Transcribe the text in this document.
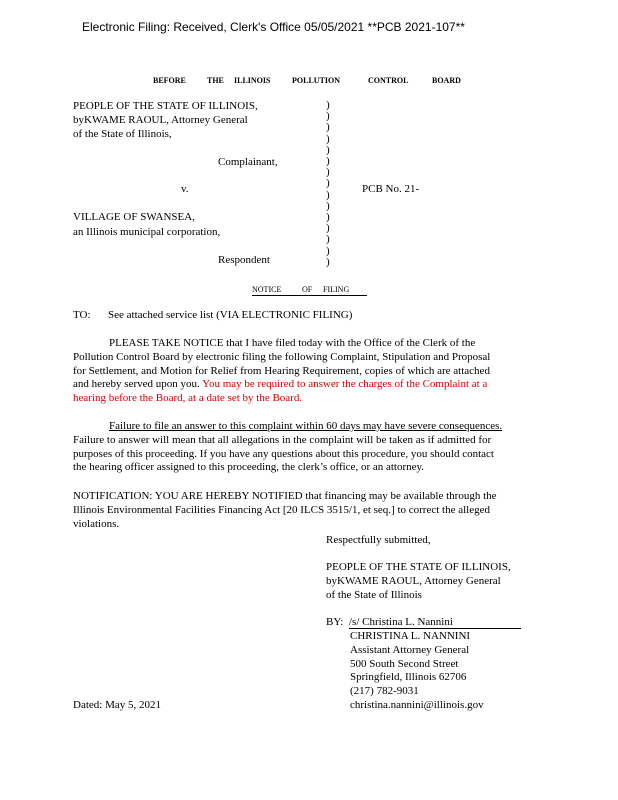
Electronic Filing: Received, Clerk's Office 05/05/2021 **PCB 2021-107**
BEFORE	THE ILLINOIS	POLLUTION	CONTROL	BOARD
PEOPLE OF THE STATE OF ILLINOIS,
byKWAME RAOUL, Attorney General
of the State of Illinois,
Complainant,
v.	PCB No. 21-
VILLAGE OF SWANSEA,
an Illinois municipal corporation,
Respondent
)
)
)
)
)
)
)
)
)
)
)
)
)
)
)
NOTICE	OF FILING
TO: See attached service list (VIA ELECTRONIC FILING)
PLEASE TAKE NOTICE that I have filed today with the Office of the Clerk of the
Pollution Control Board by electronic filing the following Complaint, Stipulation and Proposal
for Settlement, and Motion for Relief from Hearing Requirement, copies of which are attached
and hereby served upon you. You may be required to answer the charges of the Complaint at a
hearing before the Board, at a date set by the Board.
Failure to file an answer to this complaint within 60 days may have severe consequences.
Failure to answer will mean that all allegations in the complaint will be taken as if admitted for
purposes of this proceeding. If you have any questions about this procedure, you should contact
the hearing officer assigned to this proceeding, the clerk’s office, or an attorney.
NOTIFICATION: YOU ARE HEREBY NOTIFIED that financing may be available through the
Illinois Environmental Facilities Financing Act [20 ILCS 3515/1, et seq.] to correct the alleged
violations.
Respectfully submitted,
PEOPLE OF THE STATE OF ILLINOIS,
byKWAME RAOUL, Attorney General
of the State of Illinois
BY: /s/ Christina L. Nannini
CHRISTINA L. NANNINI
Assistant Attorney General
500 South Second Street
Springfield, Illinois 62706
(217) 782-9031
christina.nannini@illinois.gov
Dated: May 5, 2021
